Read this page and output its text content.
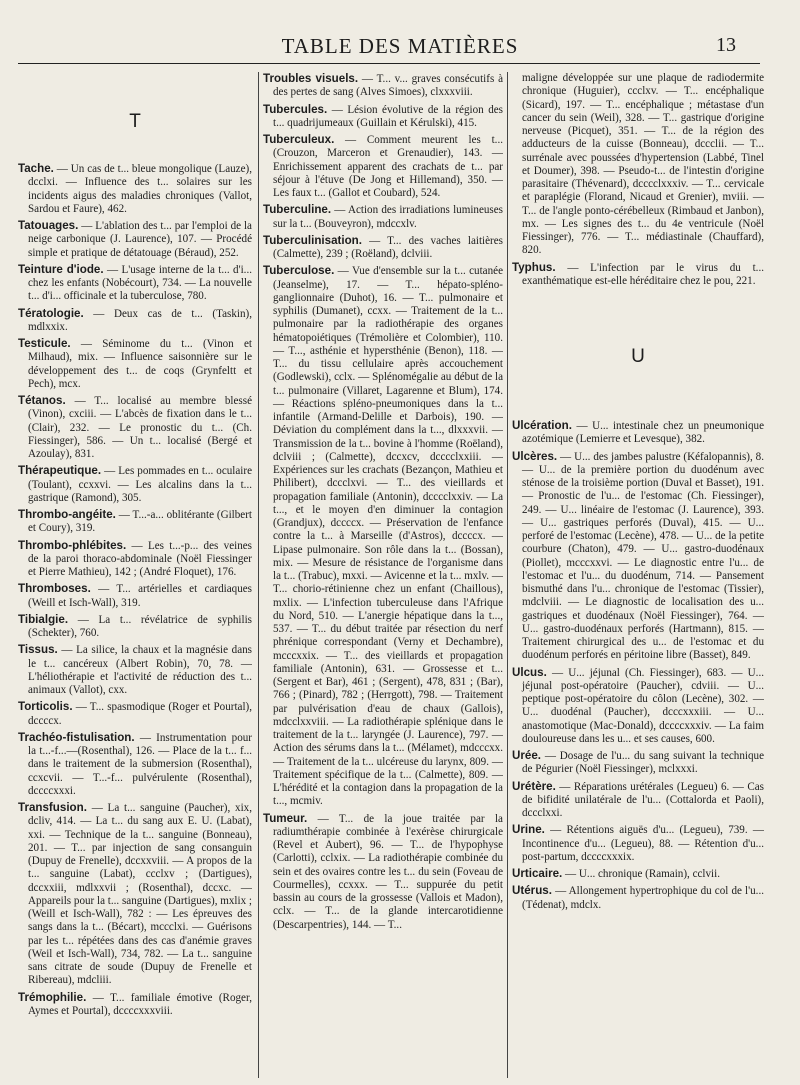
TABLE DES MATIÈRES	13

T

Tache. — Un cas de t... bleue mongolique (Lauze), dcclxi. — Influence des t... solaires sur les incidents aigus des maladies chroniques (Vallot, Sardou et Faure), 462.

Tatouages. — L'ablation des t... par l'emploi de la neige carbonique (J. Laurence), 107. — Procédé simple et pratique de détatouage (Béraud), 252.

Teinture d'iode. — L'usage interne de la t... d'i... chez les enfants (Nobécourt), 734. — La nouvelle t... d'i... officinale et la tuberculose, 780.

Tératologie. — Deux cas de t... (Taskin), mdlxxix.

Testicule. — Séminome du t... (Vinon et Milhaud), mix. — Influence saisonnière sur le développement des t... de coqs (Grynfeltt et Pech), mcx.

Tétanos. — T... localisé au membre blessé (Vinon), cxciii. — L'abcès de fixation dans le t... (Clair), 232. — Le pronostic du t... (Ch. Fiessinger), 586. — Un t... localisé (Bergé et Azoulay), 831.

Thérapeutique. — Les pommades en t... oculaire (Toulant), ccxxvi. — Les alcalins dans la t... gastrique (Ramond), 305.

Thrombo-angéite. — T...-a... oblitérante (Gilbert et Coury), 319.

Thrombo-phlébites. — Les t...-p... des veines de la paroi thoraco-abdominale (Noël Fiessinger et Pierre Mathieu), 142 ; (André Floquet), 176.

Thromboses. — T... artérielles et cardiaques (Weill et Isch-Wall), 319.

Tibialgie. — La t... révélatrice de syphilis (Schekter), 760.

Tissus. — La silice, la chaux et la magnésie dans le t... cancéreux (Albert Robin), 70, 78. — L'héliothérapie et l'activité de réduction des t... animaux (Vallot), cxx.

Torticolis. — T... spasmodique (Roger et Pourtal), dccccx.

Trachéo-fistulisation. — Instrumentation pour la t...-f...—(Rosenthal), 126. — Place de la t... f... dans le traitement de la submersion (Rosenthal), ccxcvii. — T...-f... pulvérulente (Rosenthal), dccccxxxi.

Transfusion. — La t... sanguine (Paucher), xix, dcliv, 414. — La t... du sang aux E. U. (Labat), xxi. — Technique de la t... sanguine (Bonneau), 201. — T... par injection de sang consanguin (Dupuy de Frenelle), dccxxviii. — A propos de la t... sanguine (Labat), ccclxv ; (Dartigues), dccxxiii, mdlxxvii ; (Rosenthal), dccxc. — Appareils pour la t... sanguine (Dartigues), mxlix ; (Weill et Isch-Wall), 782 : — Les épreuves des sangs dans la t... (Bécart), mccclxi. — Guérisons par les t... répétées dans des cas d'anémie graves (Weil et Isch-Wall), 734, 782. — La t... sanguine sans citrate de soude (Dupuy de Frenelle et Ribereau), mdcliii.

Trémophilie. — T... familiale émotive (Roger, Aymes et Pourtal), dccccxxxviii.

Troubles visuels. — T... v... graves consécutifs à des pertes de sang (Alves Simoes), clxxxviii.

Tubercules. — Lésion évolutive de la région des t... quadrijumeaux (Guillain et Kérulski), 415.

Tuberculeux. — Comment meurent les t... (Crouzon, Marceron et Grenaudier), 143. — Enrichissement apparent des crachats de t... par séjour à l'étuve (De Jong et Hillemand), 350. — Les faux t... (Gallot et Coubard), 524.

Tuberculine. — Action des irradiations lumineuses sur la t... (Bouveyron), mdccxlv.

Tuberculinisation. — T... des vaches laitières (Calmette), 239 ; (Roëland), dclviii.

Tuberculose. — Vue d'ensemble sur la t... cutanée (Jeanselme), 17. — T... hépato-spléno-ganglionnaire (Duhot), 16. — T... pulmonaire et syphilis (Dumanet), ccxx. — Traitement de la t... pulmonaire par la radiothérapie des organes hématopoiétiques (Trémolière et Colombier), 110. — T..., asthénie et hypersthénie (Benon), 118. — T... du tissu cellulaire après accouchement (Godlewski), cclx. — Splénomégalie au début de la t... pulmonaire (Villaret, Lagarenne et Blum), 174. — Réactions spléno-pneumoniques dans la t... infantile (Armand-Delille et Darbois), 190. — Déviation du complément dans la t..., dlxxxvii. — Transmission de la t... bovine à l'homme (Roëland), dclviii ; (Calmette), dccxcv, dcccclxxiii. — Expériences sur les crachats (Bezançon, Mathieu et Philibert), dccclxvi. — T... des vieillards et propagation familiale (Antonin), dcccclxxiv. — La t..., et le moyen d'en diminuer la contagion (Grandjux), dccccx. — Préservation de l'enfance contre la t... à Marseille (d'Astros), dccccx. — Lipase pulmonaire. Son rôle dans la t... (Bossan), mix. — Mesure de résistance de l'organisme dans la t... (Trabuc), mxxi. — Avicenne et la t... mxlv. — T... chorio-rétinienne chez un enfant (Chaillous), mxlix. — L'infection tuberculeuse dans l'Afrique du Nord, 510. — L'anergie hépatique dans la t..., 537. — T... du début traitée par résection du nerf phrénique correspondant (Verny et Dechambre), mcccxxix. — T... des vieillards et propagation familiale (Antonin), 631. — Grossesse et t... (Sergent et Bar), 461 ; (Sergent), 478, 831 ; (Bar), 766 ; (Pinard), 782 ; (Herrgott), 798. — Traitement par pulvérisation d'eau de chaux (Gallois), mdcclxxviii. — La radiothérapie splénique dans le traitement de la t... laryngée (J. Laurence), 797. — Action des sérums dans la t... (Mélamet), mdcccxx. — Traitement de la t... ulcéreuse du larynx, 809. — Traitement spécifique de la t... (Calmette), 809. — L'hérédité et la contagion dans la propagation de la t..., mcmiv.

Tumeur. — T... de la joue traitée par la radiumthérapie combinée à l'exérèse chirurgicale (Revel et Aubert), 96. — T... de l'hypophyse (Carlotti), cclxix. — La radiothérapie combinée du sein et des ovaires contre les t... du sein (Foveau de Courmelles), ccxxx. — T... suppurée du petit bassin au cours de la grossesse (Vallois et Madon), cclx. — T... de la glande intercarotidienne (Descarpentries), 144. — T...

maligne développée sur une plaque de radiodermite chronique (Huguier), ccclxv. — T... encéphalique (Sicard), 197. — T... encéphalique ; métastase d'un cancer du sein (Weil), 328. — T... gastrique d'origine nerveuse (Picquet), 351. — T... de la région des adducteurs de la cuisse (Bonneau), dccclii. — T... surrénale avec poussées d'hypertension (Labbé, Tinel et Doumer), 398. — Pseudo-t... de l'intestin d'origine parasitaire (Thévenard), dcccclxxxiv. — T... cervicale et paraplégie (Florand, Nicaud et Grenier), mviii. — T... de l'angle ponto-cérébelleux (Rimbaud et Janbon), mx. — Les signes des t... du 4e ventricule (Noël Fiessinger), 776. — T... médiastinale (Chauffard), 820.

Typhus. — L'infection par le virus du t... exanthématique est-elle héréditaire chez le pou, 221.

U

Ulcération. — U... intestinale chez un pneumonique azotémique (Lemierre et Levesque), 382.

Ulcères. — U... des jambes palustre (Kéfalopannis), 8. — U... de la première portion du duodénum avec sténose de la troisième portion (Duval et Basset), 191. — Pronostic de l'u... de l'estomac (Ch. Fiessinger), 249. — U... linéaire de l'estomac (J. Laurence), 393. — U... gastriques perforés (Duval), 415. — U... perforé de l'estomac (Lecène), 478. — U... de la petite courbure (Chaton), 479. — U... gastro-duodénaux (Piollet), mcccxxvi. — Le diagnostic entre l'u... de l'estomac et l'u... du duodénum, 714. — Pansement bismuthé dans l'u... chronique de l'estomac (Tissier), mdclviii. — Le diagnostic de localisation des u... gastriques et duodénaux (Noël Fiessinger), 764. — U... gastro-duodénaux perforés (Hartmann), 815. — Traitement chirurgical des u... de l'estomac et du duodénum perforés en péritoine libre (Basset), 849.

Ulcus. — U... jéjunal (Ch. Fiessinger), 683. — U... jéjunal post-opératoire (Paucher), cdviii. — U... peptique post-opératoire du côlon (Lecène), 302. — U... duodénal (Paucher), dcccxxxiii. — U... anastomotique (Mac-Donald), dccccxxxiv. — La faim douloureuse dans les u... et ses causes, 600.

Urée. — Dosage de l'u... du sang suivant la technique de Pégurier (Noël Fiessinger), mclxxxi.

Urétère. — Réparations urétérales (Legueu) 6. — Cas de bifidité unilatérale de l'u... (Cottalorda et Paoli), dccclxxi.

Urine. — Rétentions aiguës d'u... (Legueu), 739. — Incontinence d'u... (Legueu), 88. — Rétention d'u... post-partum, dccccxxxix.

Urticaire. — U... chronique (Ramain), cclvii.

Utérus. — Allongement hypertrophique du col de l'u... (Tédenat), mdclx.
